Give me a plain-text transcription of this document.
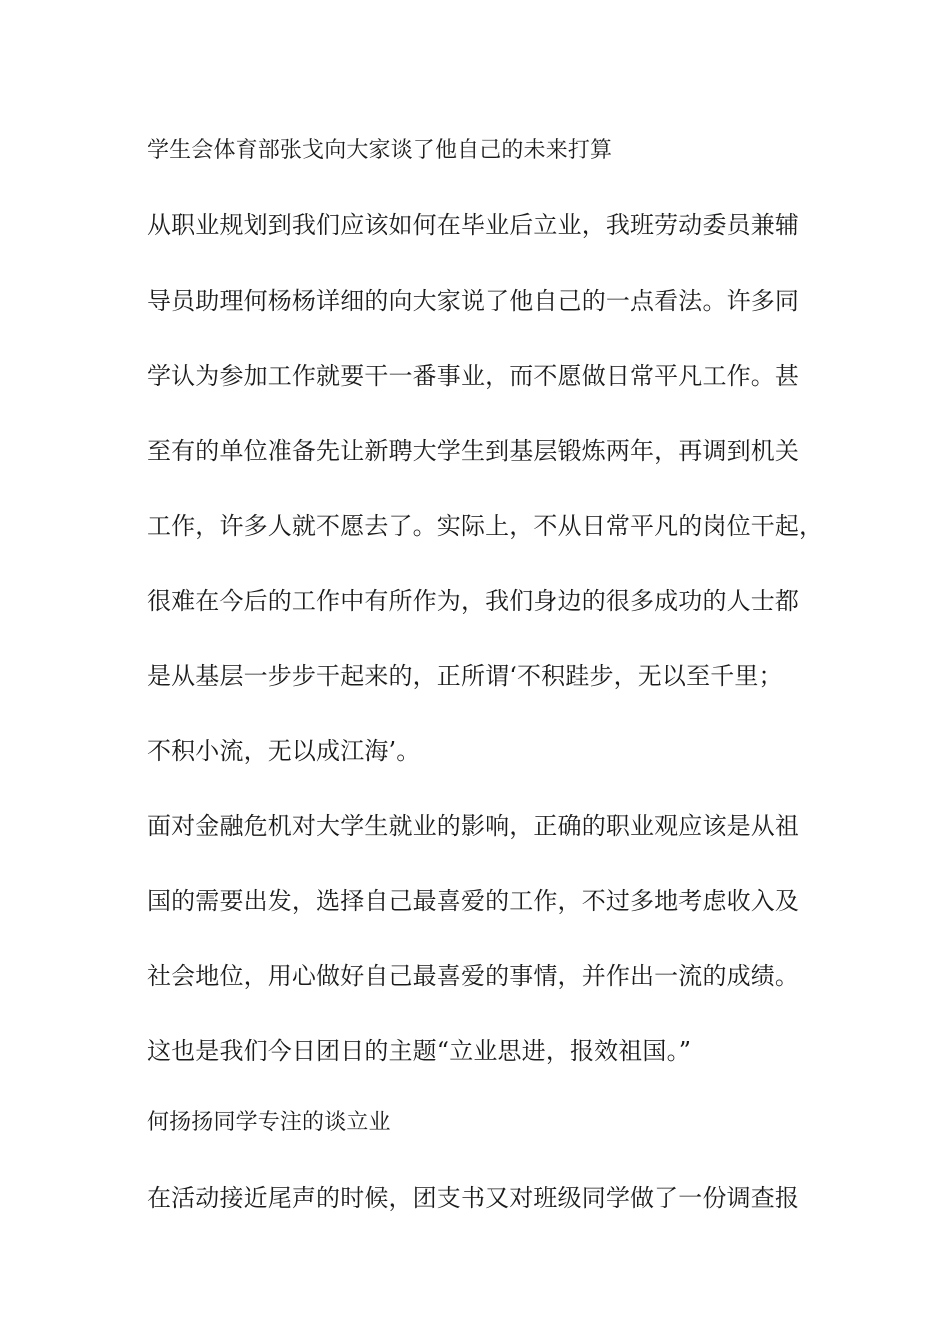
学生会体育部张戈向大家谈了他自己的未来打算

从职业规划到我们应该如何在毕业后立业，我班劳动委员兼辅

导员助理何杨杨详细的向大家说了他自己的一点看法。许多同

学认为参加工作就要干一番事业，而不愿做日常平凡工作。甚

至有的单位准备先让新聘大学生到基层锻炼两年，再调到机关

工作，许多人就不愿去了。实际上，不从日常平凡的岗位干起，

很难在今后的工作中有所作为，我们身边的很多成功的人士都

是从基层一步步干起来的，正所谓‘不积跬步，无以至千里；

不积小流，无以成江海’。

面对金融危机对大学生就业的影响，正确的职业观应该是从祖

国的需要出发，选择自己最喜爱的工作，不过多地考虑收入及

社会地位，用心做好自己最喜爱的事情，并作出一流的成绩。

这也是我们今日团日的主题“立业思进，报效祖国。”

何扬扬同学专注的谈立业

在活动接近尾声的时候，团支书又对班级同学做了一份调查报
